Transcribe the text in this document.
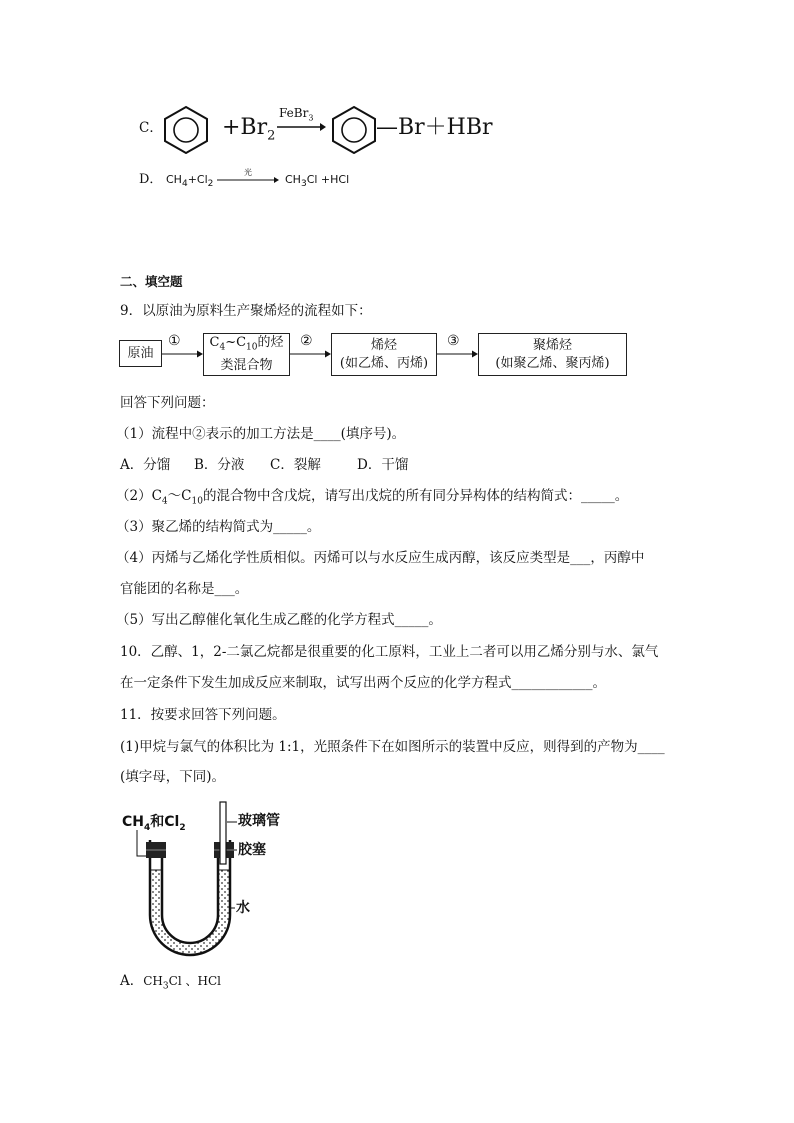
C．	$+Br_2$
FeBr$_3$	—Br＋HBr
D． $CH_4+Cl_2$
光
→ $CH_3Cl +HCl$
二、填空题
9．以原油为原料生产聚烯烃的流程如下：
原油
① $C_4\sim C_{10}$的烃
类混合物
②	烯烃
(如乙烯、丙烯)
③	聚烯烃
(如聚乙烯、聚丙烯)
回答下列问题：
（1）流程中②表示的加工方法是____(填序号)。
A．分馏 B．分液 C．裂解	D．干馏
$(2)C_4\sim C_{10}$的混合物中含戊烷，请写出戊烷的所有同分异构体的结构简式：_____。
（3）聚乙烯的结构简式为_____。
（4）丙烯与乙烯化学性质相似。丙烯可以与水反应生成丙醇，该反应类型是___，丙醇中
官能团的名称是___。
（5）写出乙醇催化氧化生成乙醛的化学方程式_____。
10．乙醇、1，2-二氯乙烷都是很重要的化工原料，工业上二者可以用乙烯分别与水、氯气
在一定条件下发生加成反应来制取，试写出两个反应的化学方程式____________。
11．按要求回答下列问题。
(1)甲烷与氯气的体积比为 1:1，光照条件下在如图所示的装置中反应，则得到的产物为____
(填字母，下同)。
$CH_4$和$Cl_2$	玻璃管
胶塞
水
A．$CH_3Cl$ 、HCl
